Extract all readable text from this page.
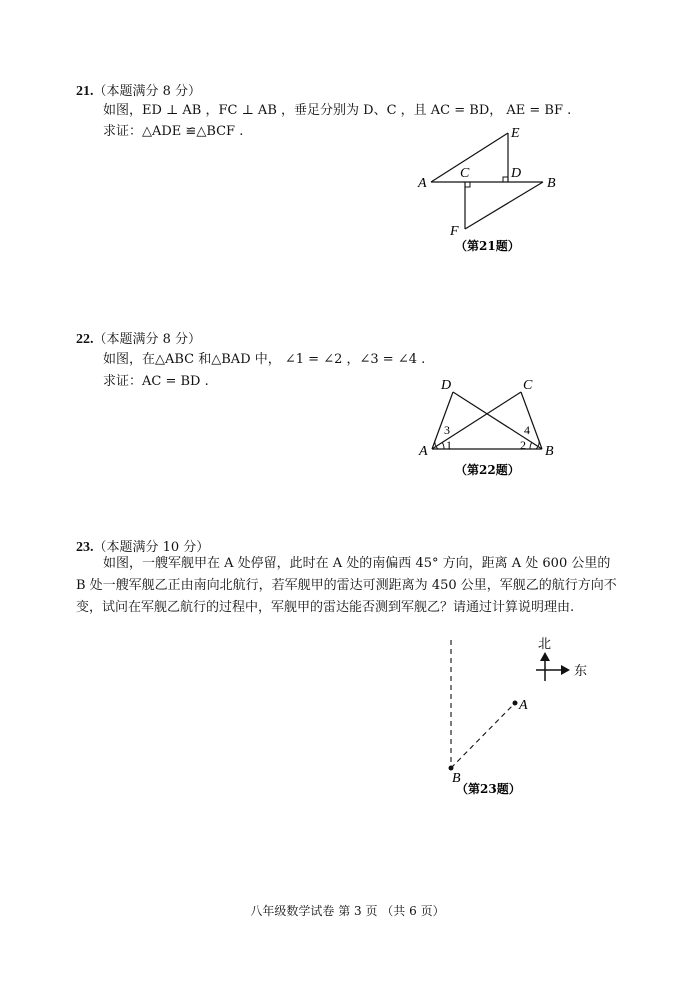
21.（本题满分 8 分）
如图，ED ⊥ AB ，FC ⊥ AB ，垂足分别为 D、C ，且 AC = BD， AE = BF .
求证：△ADE ≌△BCF .
22.（本题满分 8 分）
如图，在△ABC 和△BAD 中， ∠1 = ∠2 ，∠3 = ∠4 .
求证：AC = BD .
23.（本题满分 10 分）
如图，一艘军舰甲在 A 处停留，此时在 A 处的南偏西 45° 方向，距离 A 处 600 公里的 B 处一艘军舰乙正由南向北航行，若军舰甲的雷达可测距离为 450 公里，军舰乙的航行方向不变，试问在军舰乙航行的过程中，军舰甲的雷达能否测到军舰乙？请通过计算说明理由.
A	B
C	D
E
F
（第21题）
A	B
C
D
1	2
3	4
（第22题）
A
B
北
东
（第23题）
八年级数学试卷 第 3 页 （共 6 页）
